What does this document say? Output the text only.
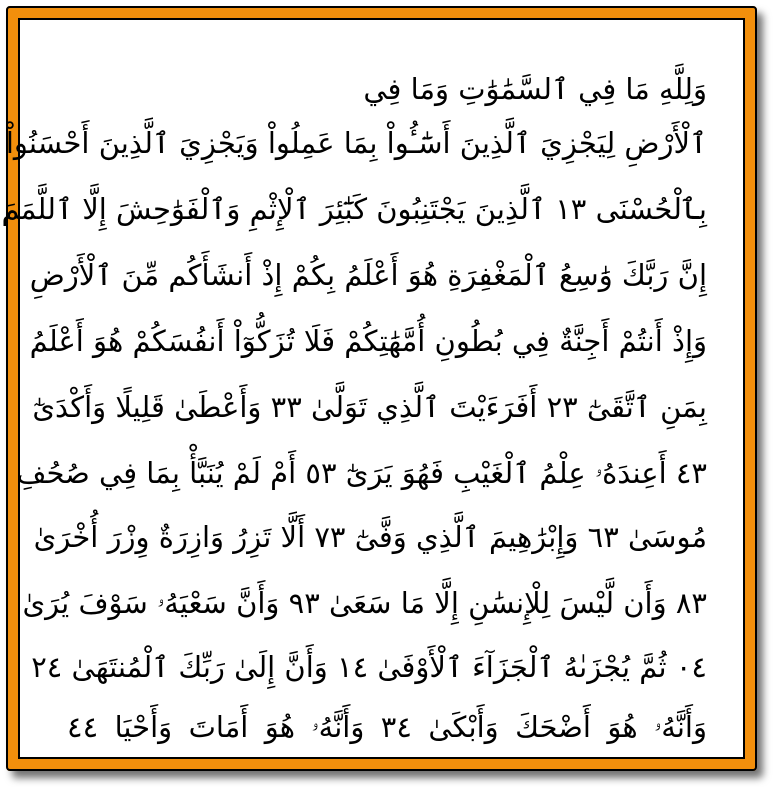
وَلِلَّهِ مَا فِي ٱلسَّمَٰوَٰتِ وَمَا فِي
ٱلْأَرْضِ لِيَجْزِيَ ٱلَّذِينَ أَسَٰٓـُٔواْ بِمَا عَمِلُواْ وَيَجْزِيَ ٱلَّذِينَ أَحْسَنُواْ
بِٱلْحُسْنَى ٣١ ٱلَّذِينَ يَجْتَنِبُونَ كَبَٰٓئِرَ ٱلْإِثْمِ وَٱلْفَوَٰحِشَ إِلَّا ٱللَّمَمَ
إِنَّ رَبَّكَ وَٰسِعُ ٱلْمَغْفِرَةِ هُوَ أَعْلَمُ بِكُمْ إِذْ أَنشَأَكُم مِّنَ ٱلْأَرْضِ
وَإِذْ أَنتُمْ أَجِنَّةٌ فِي بُطُونِ أُمَّهَٰتِكُمْ فَلَا تُزَكُّوٓاْ أَنفُسَكُمْ هُوَ أَعْلَمُ
بِمَنِ ٱتَّقَىٰٓ ٣٢ أَفَرَءَيْتَ ٱلَّذِي تَوَلَّىٰ ٣٣ وَأَعْطَىٰ قَلِيلًا وَأَكْدَىٰٓ
٣٤ أَعِندَهُۥ عِلْمُ ٱلْغَيْبِ فَهُوَ يَرَىٰٓ ٣٥ أَمْ لَمْ يُنَبَّأْ بِمَا فِي صُحُفِ
مُوسَىٰ ٣٦ وَإِبْرَٰهِيمَ ٱلَّذِي وَفَّىٰٓ ٣٧ أَلَّا تَزِرُ وَازِرَةٌ وِزْرَ أُخْرَىٰ
٣٨ وَأَن لَّيْسَ لِلْإِنسَٰنِ إِلَّا مَا سَعَىٰ ٣٩ وَأَنَّ سَعْيَهُۥ سَوْفَ يُرَىٰ
٤٠ ثُمَّ يُجْزَىٰهُ ٱلْجَزَآءَ ٱلْأَوْفَىٰ ٤١ وَأَنَّ إِلَىٰ رَبِّكَ ٱلْمُنتَهَىٰ ٤٢
وَأَنَّهُۥ هُوَ أَضْحَكَ وَأَبْكَىٰ ٤٣ وَأَنَّهُۥ هُوَ أَمَاتَ وَأَحْيَا ٤٤
